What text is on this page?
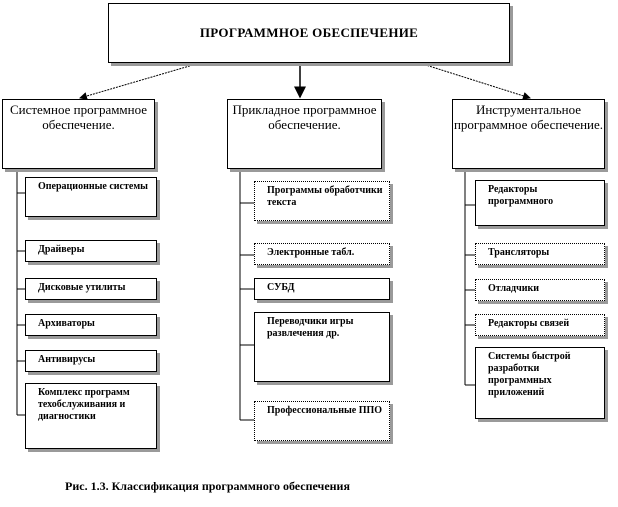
ПРОГРАММНОЕ ОБЕСПЕЧЕНИЕ
Системное программное обеспечение.
Прикладное программное обеспечение.
Инструментальное программное обеспечение.
Операционные системы
Драйверы
Дисковые утилиты
Архиваторы
Антивирусы
Комплекс программ техобслуживания и диагностики
Программы обработчики текста
Электронные табл.
СУБД
Переводчики игры развлечения др.
Профессиональные ППО
Редакторы программного
Трансляторы
Отладчики
Редакторы связей
Системы быстрой разработки программных приложений
Рис. 1.3. Классификация программного обеспечения
